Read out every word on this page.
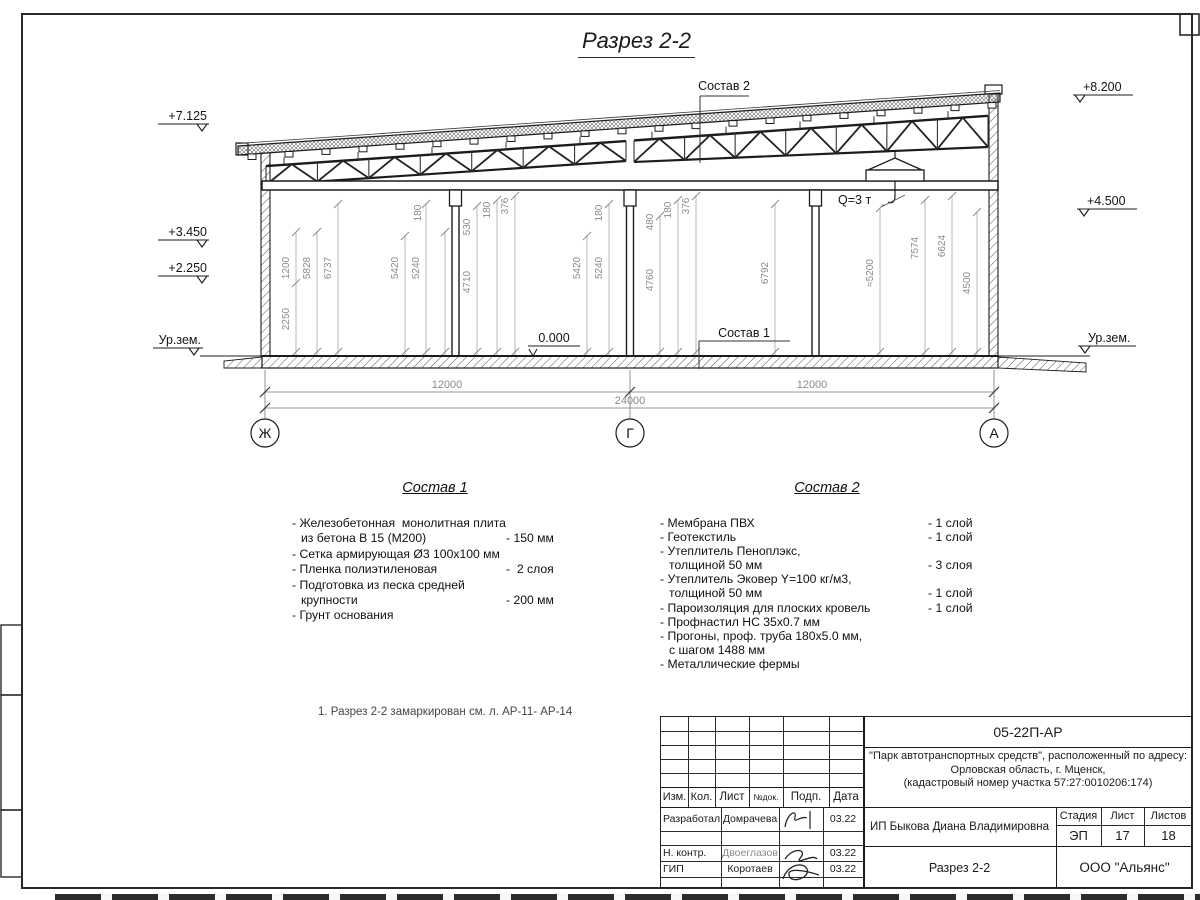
+7.125
+3.450
+2.250
Ур.зем.
+8.200
+4.500
Ур.зем.
0.000
Состав 2
Состав 1
Q=3 т
1200
2250
5828 6737	5420 5240
180
530
180 376
4710
5420 5240
180
480
180 376
4760	6792	≈5200
7574 6624
4500
12000	12000
24000
Ж	Г	А
Разрез 2-2
Состав 1
- Железобетонная  монолитная плита
из бетона В 15 (М200)	- 150 мм
- Сетка армирующая Ø3 100х100 мм
- Пленка полиэтиленовая	-  2 слоя
- Подготовка из песка средней
крупности	- 200 мм
- Грунт основания
Состав 2
- Мембрана ПВХ	- 1 слой
- Геотекстиль	- 1 слой
- Утеплитель Пеноплэкс,
толщиной 50 мм	- 3 слоя
- Утеплитель Эковер Y=100 кг/м3,
толщиной 50 мм	- 1 слой
- Пароизоляция для плоских кровель	- 1 слой
- Профнастил НС 35х0.7 мм
- Прогоны, проф. труба 180х5.0 мм,
с шагом 1488 мм
- Металлические фермы
1. Разрез 2-2 замаркирован см. л. АР-11- АР-14
Изм. Кол. Лист	№док.	Подп.	Дата
Разработал Домрачева	03.22
Н. контр.	Двоеглазов	03.22
ГИП	Коротаев	03.22
05-22П-АР
"Парк автотранспортных средств", расположенный по адресу:
Орловская область, г. Мценск,
(кадастровый номер участка 57:27:0010206:174)
ИП Быкова Диана Владимировна
Разрез 2-2
Стадия	Лист	Листов
ЭП	17	18
ООО "Альянс"
